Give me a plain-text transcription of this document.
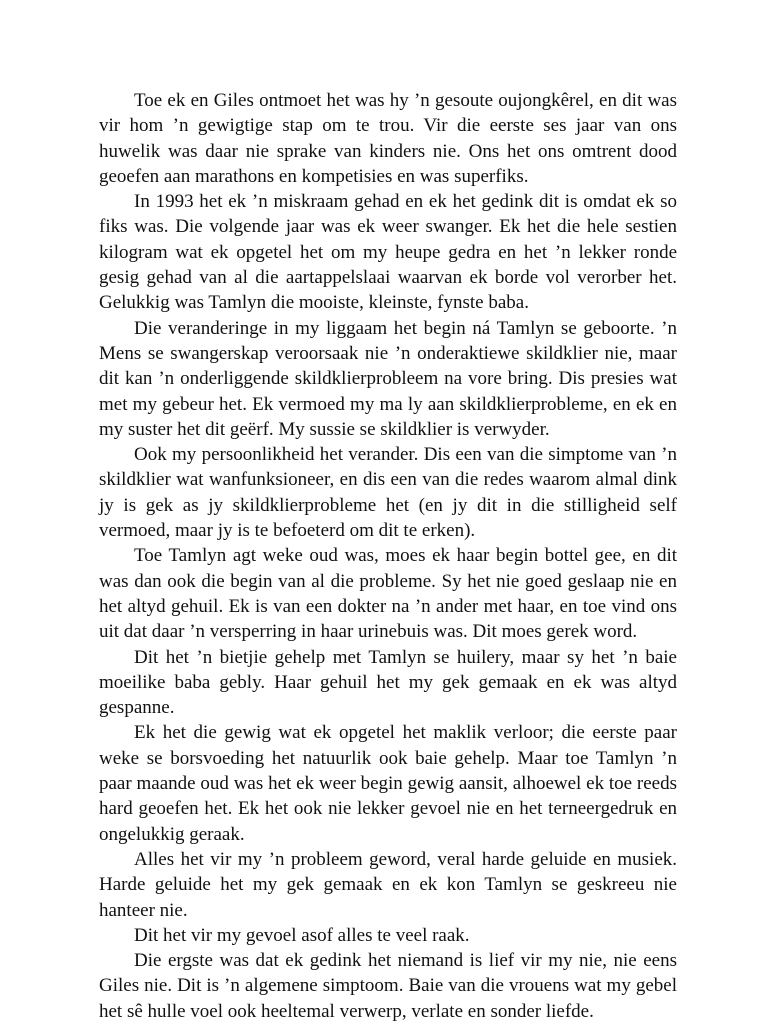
Toe ek en Giles ontmoet het was hy ’n gesoute oujongkêrel, en dit was vir hom ’n gewigtige stap om te trou. Vir die eerste ses jaar van ons huwelik was daar nie sprake van kinders nie. Ons het ons omtrent dood geoefen aan marathons en kompetisies en was superfiks.

In 1993 het ek ’n miskraam gehad en ek het gedink dit is omdat ek so fiks was. Die volgende jaar was ek weer swanger. Ek het die hele sestien kilogram wat ek opgetel het om my heupe gedra en het ’n lekker ronde gesig gehad van al die aartappelslaai waarvan ek borde vol verorber het. Gelukkig was Tamlyn die mooiste, kleinste, fynste baba.

Die veranderinge in my liggaam het begin ná Tamlyn se geboorte. ’n Mens se swangerskap veroorsaak nie ’n onderaktiewe skildklier nie, maar dit kan ’n onderliggende skildklierprobleem na vore bring. Dis presies wat met my gebeur het. Ek vermoed my ma ly aan skildklierprobleme, en ek en my suster het dit geërf. My sussie se skildklier is verwyder.

Ook my persoonlikheid het verander. Dis een van die simptome van ’n skildklier wat wanfunksioneer, en dis een van die redes waarom almal dink jy is gek as jy skildklierprobleme het (en jy dit in die stilligheid self vermoed, maar jy is te befoeterd om dit te erken).

Toe Tamlyn agt weke oud was, moes ek haar begin bottel gee, en dit was dan ook die begin van al die probleme. Sy het nie goed geslaap nie en het altyd gehuil. Ek is van een dokter na ’n ander met haar, en toe vind ons uit dat daar ’n versperring in haar urinebuis was. Dit moes gerek word.

Dit het ’n bietjie gehelp met Tamlyn se huilery, maar sy het ’n baie moeilike baba gebly. Haar gehuil het my gek gemaak en ek was altyd gespanne.

Ek het die gewig wat ek opgetel het maklik verloor; die eerste paar weke se borsvoeding het natuurlik ook baie gehelp. Maar toe Tamlyn ’n paar maande oud was het ek weer begin gewig aansit, alhoewel ek toe reeds hard geoefen het. Ek het ook nie lekker gevoel nie en het terneergedruk en ongelukkig geraak.

Alles het vir my ’n probleem geword, veral harde geluide en musiek. Harde geluide het my gek gemaak en ek kon Tamlyn se geskreeu nie hanteer nie.

Dit het vir my gevoel asof alles te veel raak.

Die ergste was dat ek gedink het niemand is lief vir my nie, nie eens Giles nie. Dit is ’n algemene simptoom. Baie van die vrouens wat my gebel het sê hulle voel ook heeltemal verwerp, verlate en sonder liefde.
